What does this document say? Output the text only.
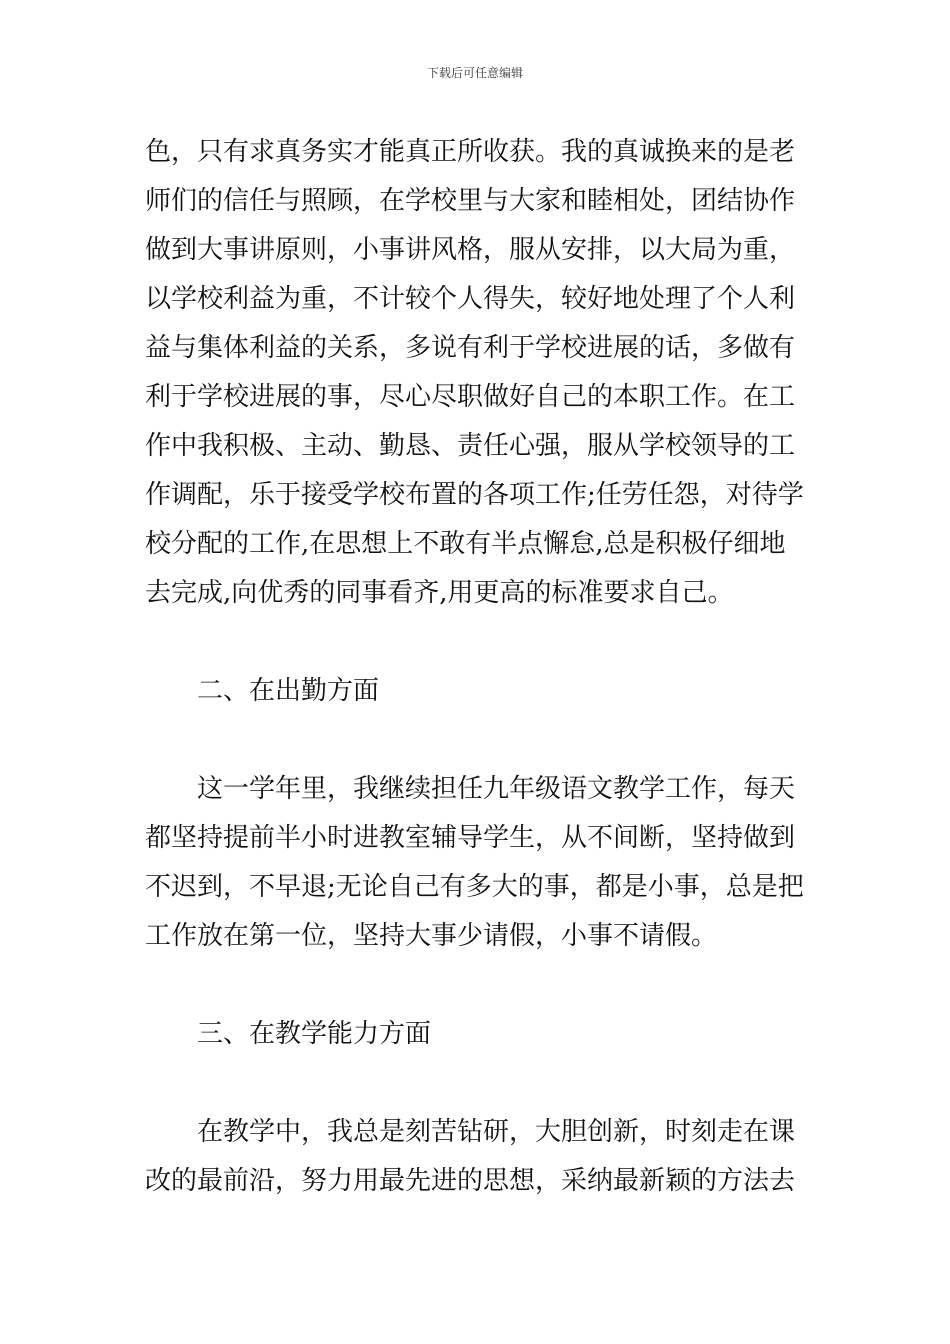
下载后可任意编辑
色，只有求真务实才能真正所收获。我的真诚换来的是老
师们的信任与照顾，在学校里与大家和睦相处，团结协作
做到大事讲原则，小事讲风格，服从安排，以大局为重，
以学校利益为重，不计较个人得失，较好地处理了个人利
益与集体利益的关系，多说有利于学校进展的话，多做有
利于学校进展的事，尽心尽职做好自己的本职工作。在工
作中我积极、主动、勤恳、责任心强，服从学校领导的工
作调配，乐于接受学校布置的各项工作;任劳任怨，对待学
校分配的工作,在思想上不敢有半点懈怠,总是积极仔细地
去完成,向优秀的同事看齐,用更高的标准要求自己。
二、在出勤方面
这一学年里，我继续担任九年级语文教学工作，每天
都坚持提前半小时进教室辅导学生，从不间断，坚持做到
不迟到，不早退;无论自己有多大的事，都是小事，总是把
工作放在第一位，坚持大事少请假，小事不请假。
三、在教学能力方面
在教学中，我总是刻苦钻研，大胆创新，时刻走在课
改的最前沿，努力用最先进的思想，采纳最新颖的方法去
